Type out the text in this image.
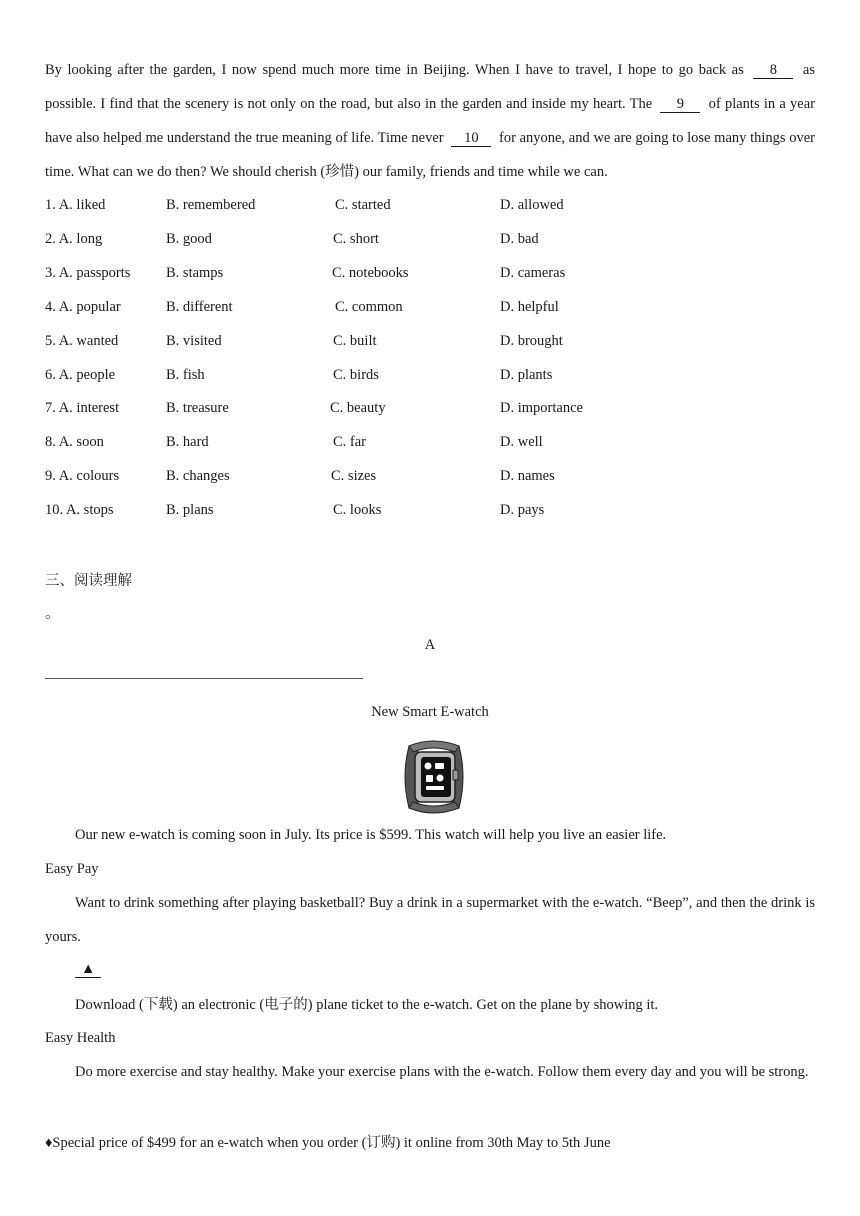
By looking after the garden, I now spend much more time in Beijing. When I have to travel, I hope to go back as 8 as possible. I find that the scenery is not only on the road, but also in the garden and inside my heart. The 9 of plants in a year have also helped me understand the true meaning of life. Time never 10 for anyone, and we are going to lose many things over time. What can we do then? We should cherish (珍惜) our family, friends and time while we can.
1. A. liked	B. remembered	C. started	D. allowed
2. A. long	B. good	C. short	D. bad
3. A. passports B. stamps	C. notebooks	D. cameras
4. A. popular	B. different	C. common	D. helpful
5. A. wanted	B. visited	C. built	D. brought
6. A. people	B. fish	C. birds	D. plants
7. A. interest	B. treasure	C. beauty	D. importance
8. A. soon	B. hard	C. far	D. well
9. A. colours	B. changes	C. sizes	D. names
10. A. stops	B. plans	C. looks	D. pays
三、阅读理解
。
A
New Smart E-watch
Our new e-watch is coming soon in July. Its price is $599. This watch will help you live an easier life.
Easy Pay
Want to drink something after playing basketball? Buy a drink in a supermarket with the e-watch. “Beep”, and then the drink is yours.
▲
Download (下载) an electronic (电子的) plane ticket to the e-watch. Get on the plane by showing it.
Easy Health
Do more exercise and stay healthy. Make your exercise plans with the e-watch. Follow them every day and you will be strong.
♦Special price of $499 for an e-watch when you order (订购) it online from 30th May to 5th June
